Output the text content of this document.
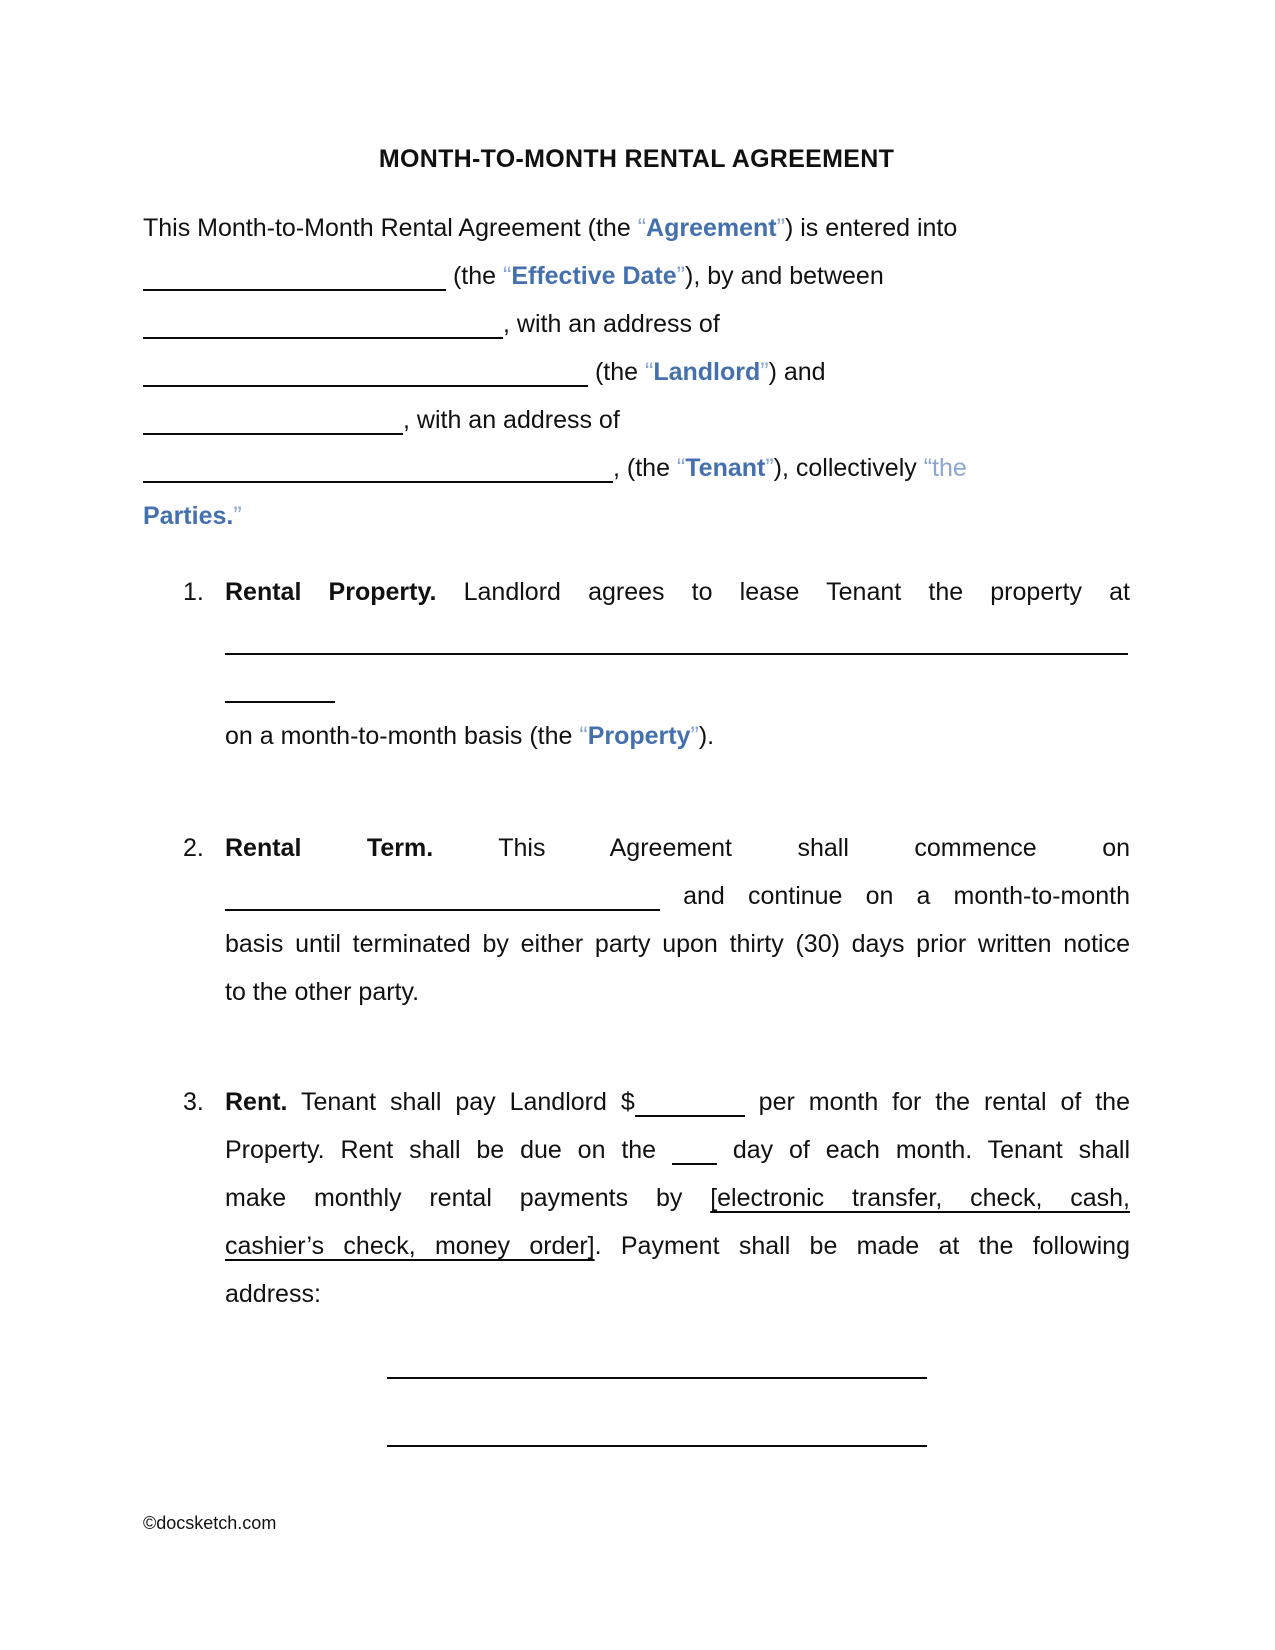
MONTH-TO-MONTH RENTAL AGREEMENT
This Month-to-Month Rental Agreement (the “Agreement”) is entered into
(the “Effective Date”), by and between
, with an address of
(the “Landlord”) and
, with an address of
, (the “Tenant”), collectively “the
Parties.”
1. Rental Property. Landlord agrees to lease Tenant the property at
on a month-to-month basis (the “Property”).
2. Rental Term. This Agreement shall commence on
and continue on a month-to-month
basis until terminated by either party upon thirty (30) days prior written notice
to the other party.
3. Rent. Tenant shall pay Landlord $	per month for the rental of the
Property. Rent shall be due on the  day of each month. Tenant shall
make monthly rental payments by [electronic transfer, check, cash,
cashier’s check, money order]. Payment shall be made at the following
address:
©docsketch.com
